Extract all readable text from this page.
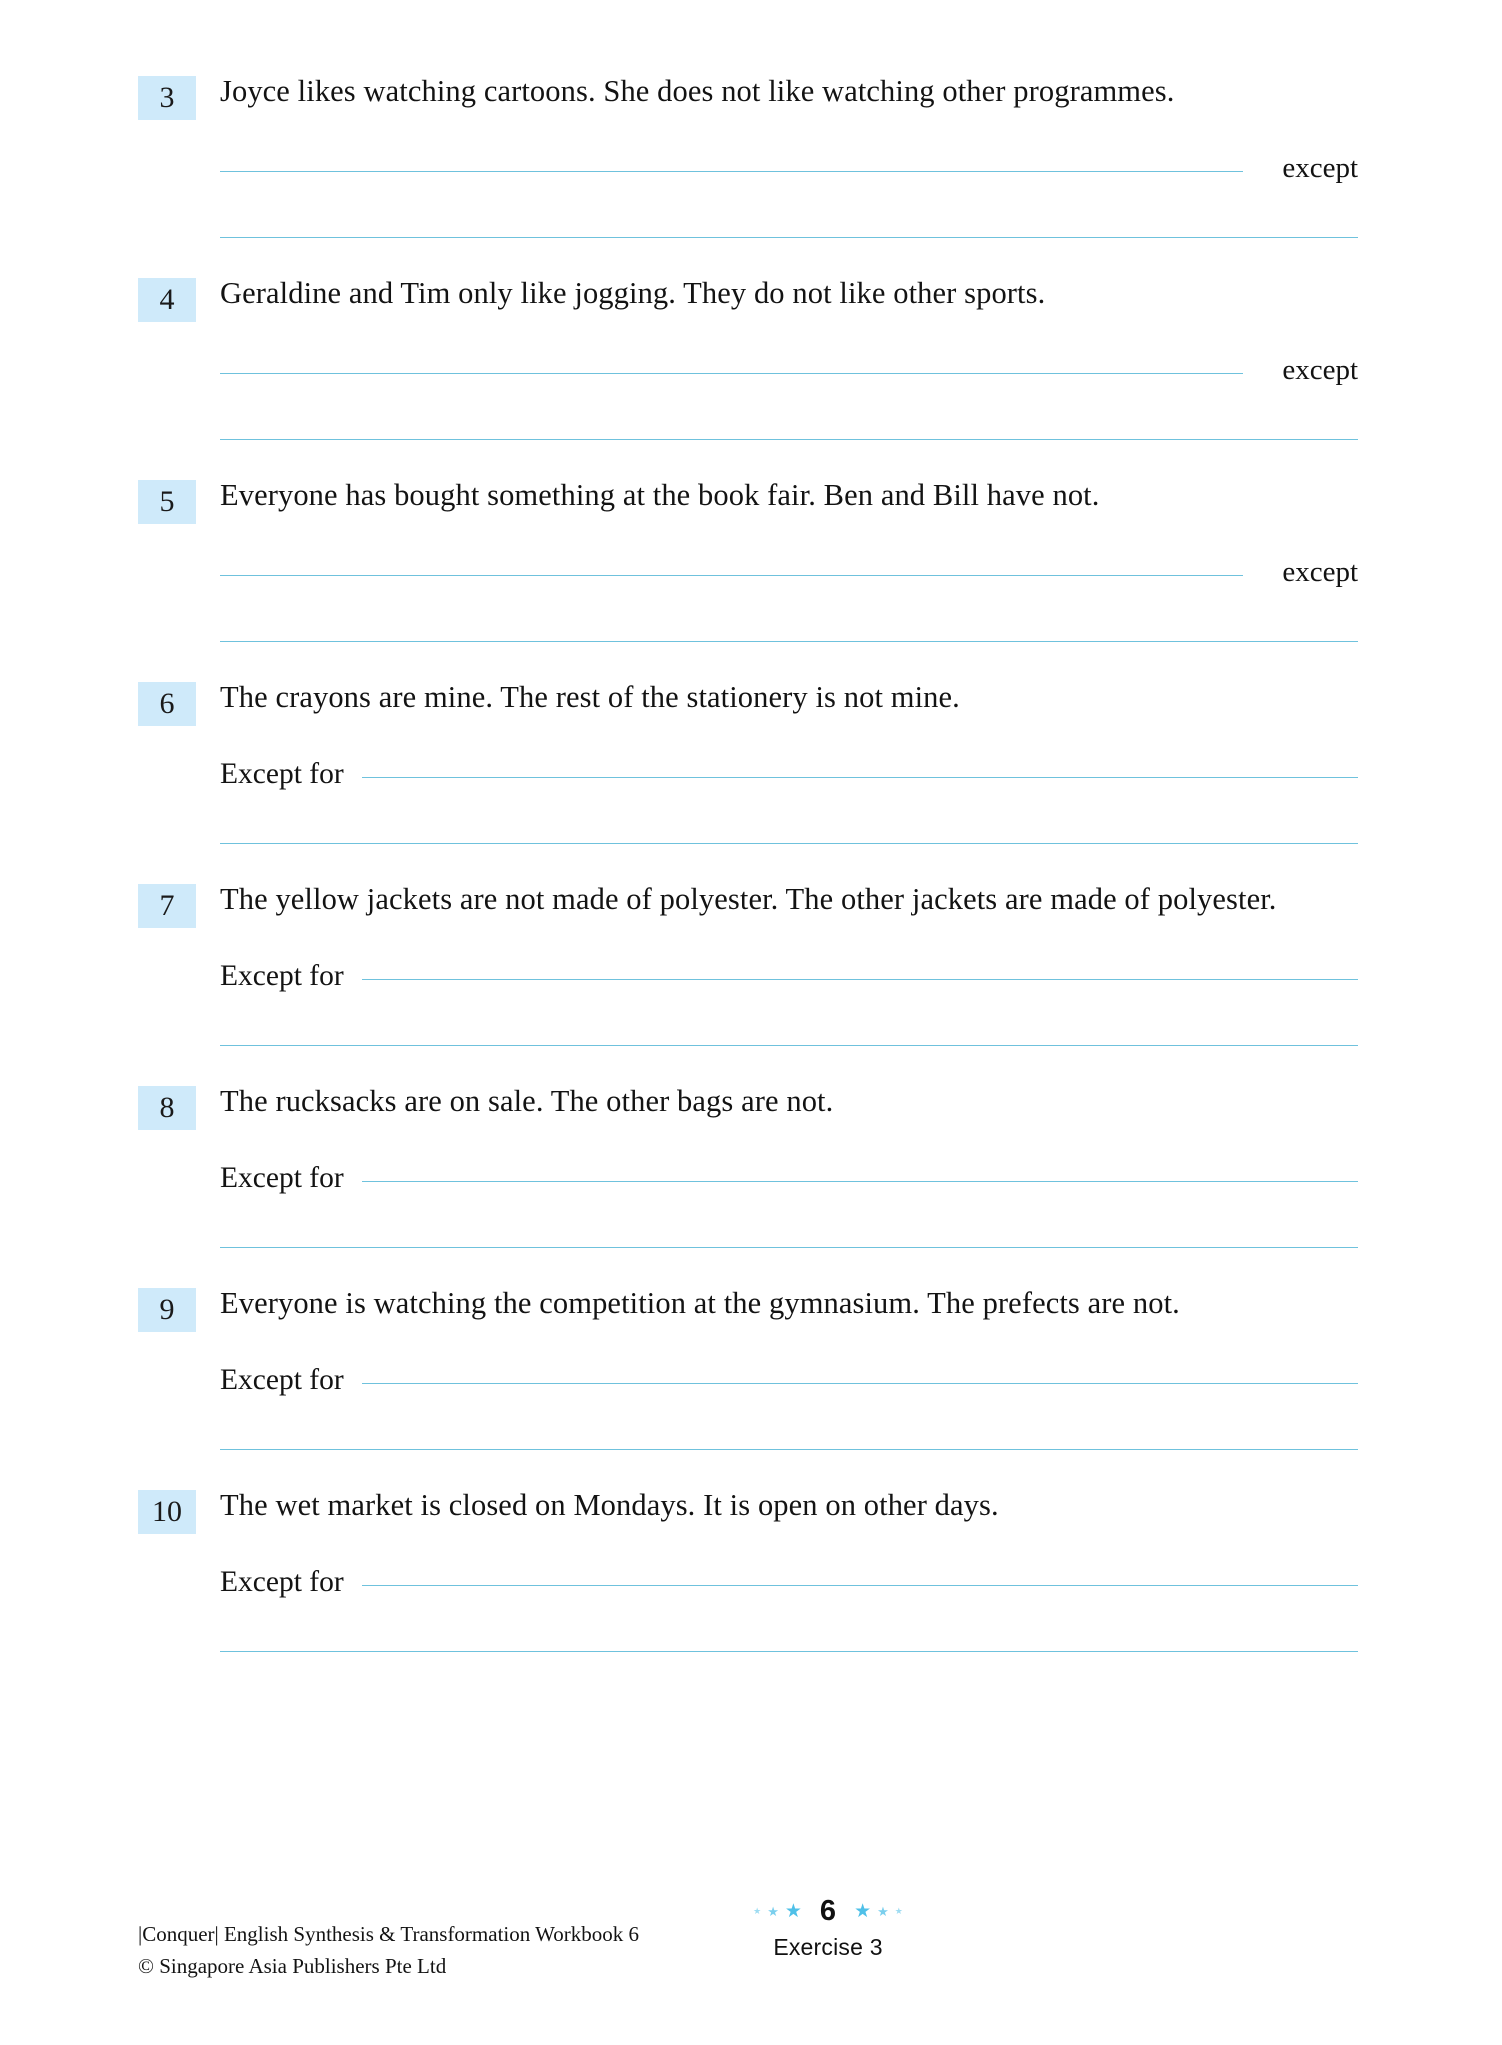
3	Joyce likes watching cartoons. She does not like watching other programmes.
except
4	Geraldine and Tim only like jogging. They do not like other sports.
except
5	Everyone has bought something at the book fair. Ben and Bill have not.
except
6	The crayons are mine. The rest of the stationery is not mine.
Except for
7	The yellow jackets are not made of polyester. The other jackets are made of polyester.
Except for
8	The rucksacks are on sale. The other bags are not.
Except for
9	Everyone is watching the competition at the gymnasium. The prefects are not.
Except for
10	The wet market is closed on Mondays. It is open on other days.
Except for
|Conquer| English Synthesis & Transformation Workbook 6
© Singapore Asia Publishers Pte Ltd
★ ★ ★ 6 ★ ★ ★
Exercise 3
